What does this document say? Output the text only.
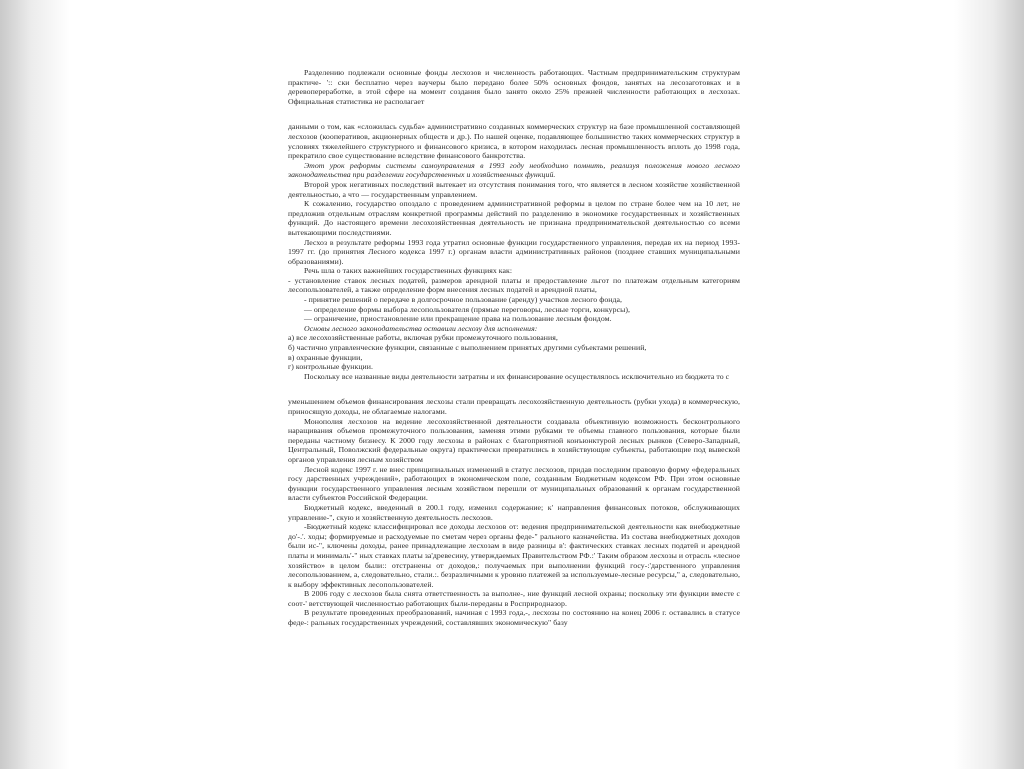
Разделению подлежали основные фонды лесхозов и численность работающих. Частным предпринимательским структурам практиче- ':: ски бесплатно через ваучеры было передано более 50% основных фондов, занятых на лесозаготовках и в деревопереработке, в этой сфере на момент создания было занято около 25% прежней численности работающих в лесхозах. Официальная статистика не располагает

данными о том, как «сложилась судьба» административно созданных коммерческих структур на базе промышленной составляющей лесхозов (кооперативов, акционерных обществ и др.). По нашей оценке, подавляющее большинство таких коммерческих структур в условиях тяжелейшего структурного и финансового кризиса, в котором находилась лесная промышленность вплоть до 1998 года, прекратило свое существование вследствие финансового банкротства.

Этот урок реформы системы самоуправления в 1993 году необходимо помнить, реализуя положения нового лесного законодательства при разделении государственных и хозяйственных функций.

Второй урок негативных последствий вытекает из отсутствия понимания того, что является в лесном хозяйстве хозяйственной деятельностью, а что — государственным управлением.

К сожалению, государство опоздало с проведением административной реформы в целом по стране более чем на 10 лет, не предложив отдельным отраслям конкретной программы действий по разделению в экономике государственных и хозяйственных функций. До настоящего времени лесохозяйственная деятельность не признана предпринимательской деятельностью со всеми вытекающими последствиями.

Лесхоз в результате реформы 1993 года утратил основные функции государственного управления, передав их на период 1993-1997 гг. (до принятия Лесного кодекса 1997 г.) органам власти административных районов (позднее ставших муниципальными образованиями).

Речь шла о таких важнейших государственных функциях как:

- установление ставок лесных податей, размеров арендной платы и предоставление льгот по платежам отдельным категориям лесопользователей, а также определение форм внесения лесных податей и арендной платы,

- принятие решений о передаче в долгосрочное пользование (аренду) участков лесного фонда,

— определение формы выбора лесопользователя (прямые переговоры, лесные торги, конкурсы),

— ограничение, приостановление или прекращение права на пользование лесным фондом.

Основы лесного законодательства оставили лесхозу для исполнения:

а) все лесохозяйственные работы, включая рубки промежуточного пользования,

б) частично управленческие функции, связанные с выполнением принятых другими субъектами решений,

в) охранные функции,

г) контрольные функции.

Поскольку все названные виды деятельности затратны и их финансирование осуществлялось исключительно из бюджета то с

уменьшением объемов финансирования лесхозы стали превращать лесохозяйственную деятельность (рубки ухода) в коммерческую, приносящую доходы, не облагаемые налогами.

Монополия лесхозов на ведение лесохозяйственной деятельности создавала объективную возможность бесконтрольного наращивания объемов промежуточного пользования, заменяя этими рубками те объемы главного пользования, которые были переданы частному бизнесу. К 2000 году лесхозы в районах с благоприятной конъюнктурой лесных рынков (Северо-Западный, Центральный, Поволжский федеральные округа) практически превратились в хозяйствующие субъекты, работающие под вывеской органов управления лесным хозяйством

Лесной кодекс 1997 г. не внес принципиальных изменений в статус лесхозов, придав последним правовую форму «федеральных госу дарственных учреждений», работающих в экономическом поле, созданным Бюджетным кодексом РФ. При этом основные функции государственного управления лесным хозяйством перешли от муниципальных образований к органам государственной власти субъектов Российской Федерации.

Бюджетный кодекс, введенный в 200.1 году, изменил содержание; к' направления финансовых потоков, обслуживающих управление-", скую и хозяйственную деятельность лесхозов.

-Бюджетный кодекс классифицировал все доходы лесхозов от: ведения предпринимательской деятельности как внебюджетные до'-.'. ходы; формируемые и расходуемые по сметам через органы феде-" рального казначейства. Из состава внебюджетных доходов были ис-", ключены доходы, ранее принадлежащие лесхозам в виде разницы в': фактических ставках лесных податей и арендной платы и минималь'-" ных ставках платы за'древесину, утверждаемых Правительством РФ.:' Таким образом лесхозы и отрасль «лесное хозяйство» в целом были:: отстранены от доходов,: получаемых при выполнении функций госу-:'дарственного управления лесопользованием, а, следовательно, стали.:. безразличными к уровню платежей за используемые-лесные ресурсы," а, следовательно, к выбору эффективных лесопользователей.

В 2006 году с лесхозов была снята ответственность за выполне-, ние функций лесной охраны; поскольку эти функции вместе с соот-' ветствующей численностью работающих были-переданы в Росприродназор.

В результате проведенных преобразований, начиная с 1993 года,-, лесхозы по состоянию на конец 2006 г. оставались в статусе феде-: ральных государственных учреждений, составлявших экономическую" базу
